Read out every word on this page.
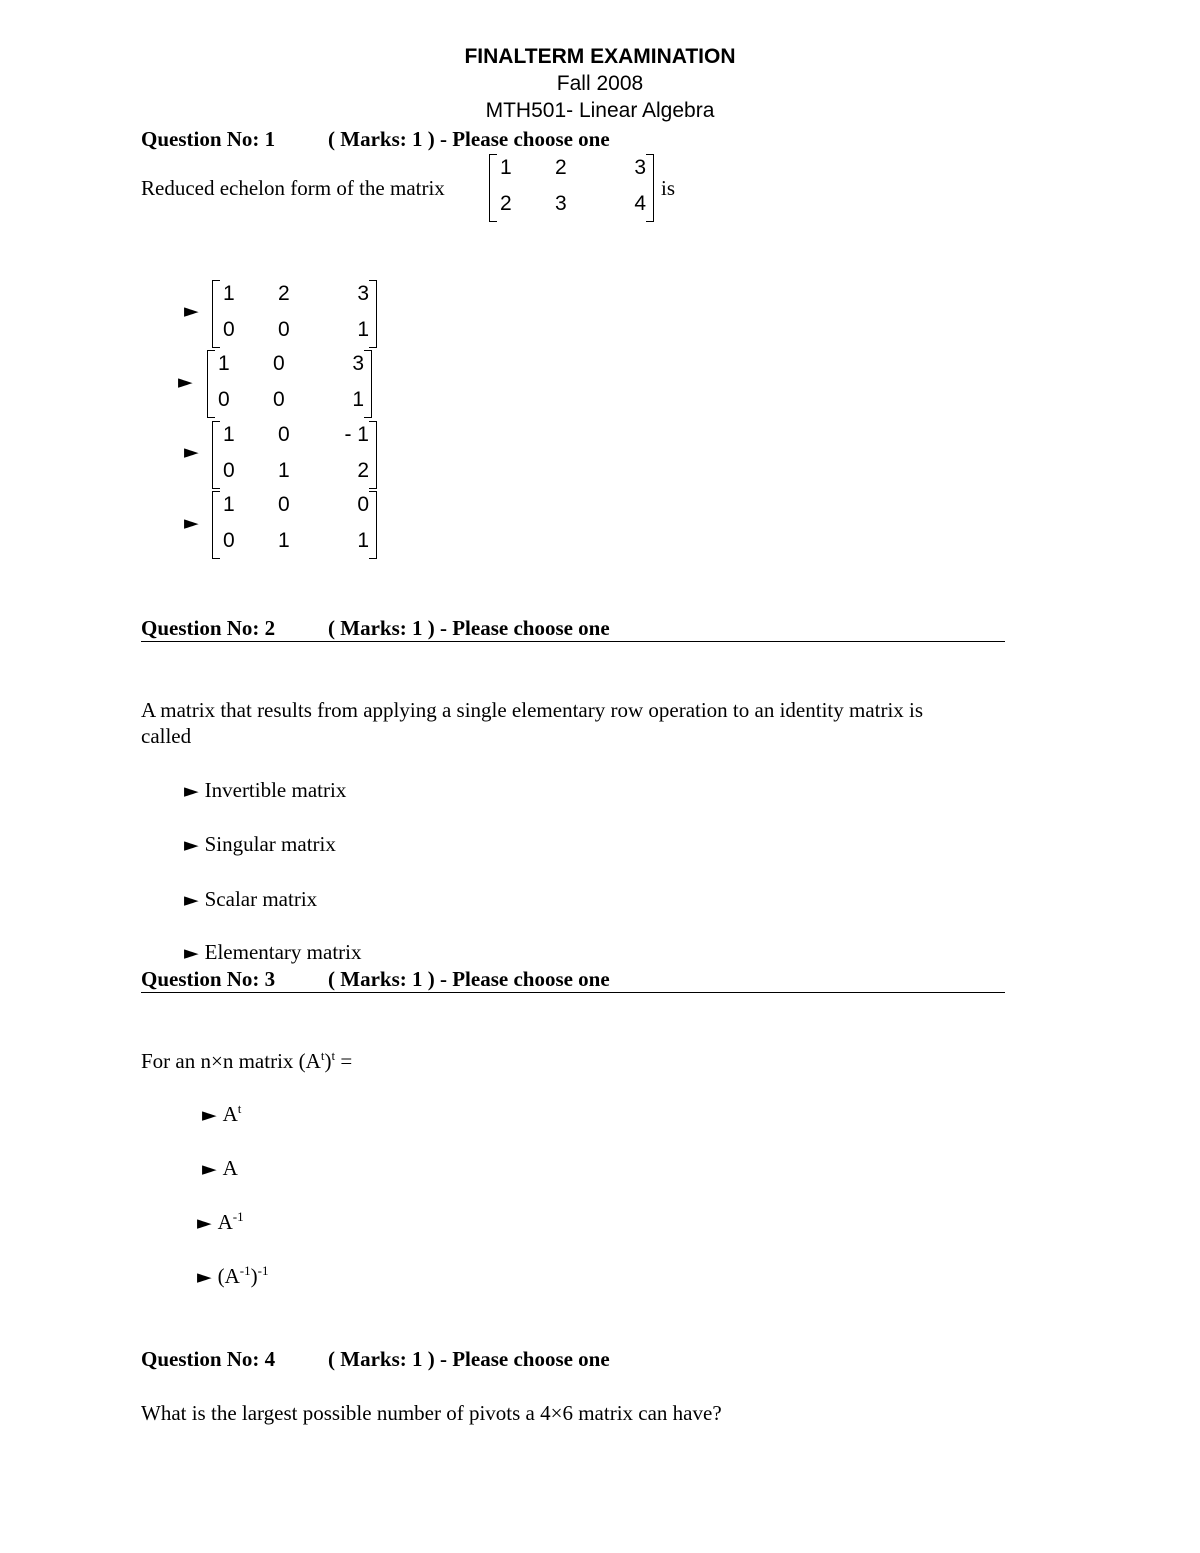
FINALTERM EXAMINATION
Fall 2008
MTH501- Linear Algebra
Question No: 1	( Marks: 1 ) - Please choose one
Reduced echelon form of the matrix
1 2	3
2 3	4
is
►
1 2	3
0 0	1
►
1 0	3
0 0	1
►
1 0	- 1
0 1	2
►
1 0	0
0 1	1
Question No: 2	( Marks: 1 ) - Please choose one
A matrix that results from applying a single elementary row operation to an identity matrix is
called
► Invertible matrix
► Singular matrix
► Scalar matrix
► Elementary matrix
Question No: 3	( Marks: 1 ) - Please choose one
For an n×n matrix $(A^t)^t$ =
► $A^t$
► A
► $A^{-1}$
► $(A^{-1})^{-1}$
Question No: 4	( Marks: 1 ) - Please choose one
What is the largest possible number of pivots a 4×6 matrix can have?
